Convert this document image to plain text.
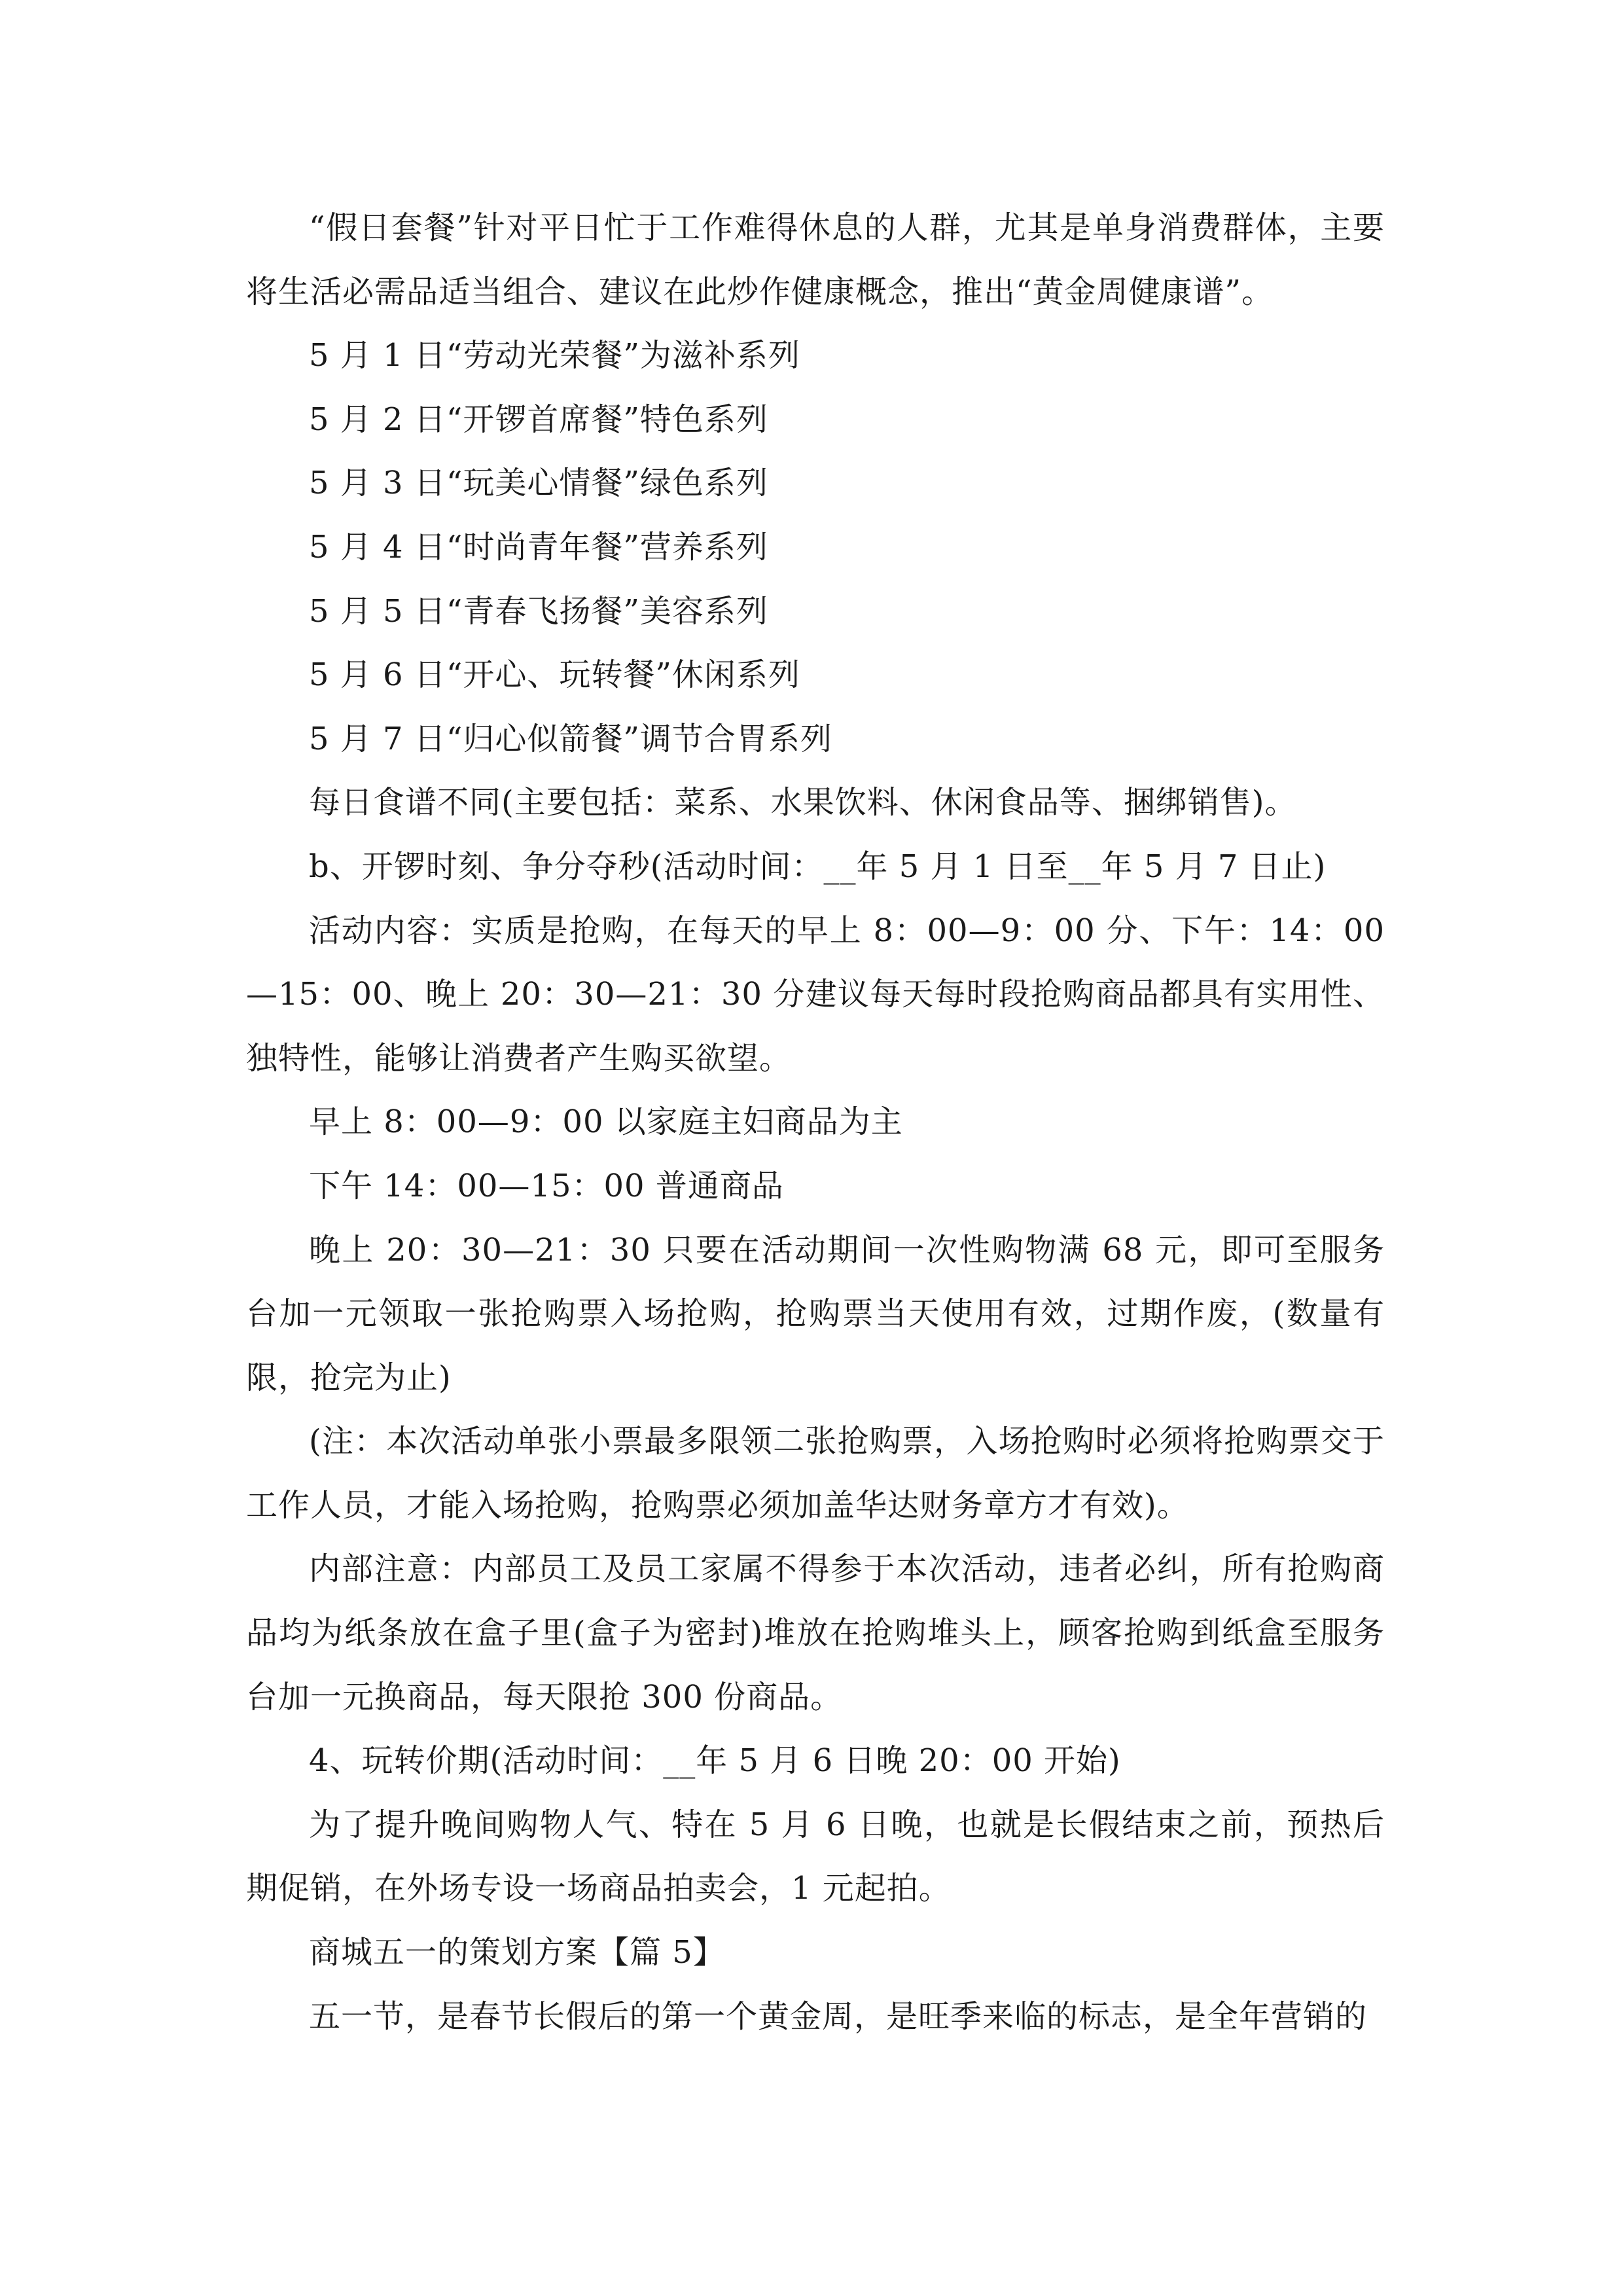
“假日套餐”针对平日忙于工作难得休息的人群，尤其是单身消费群体，主要将生活必需品适当组合、建议在此炒作健康概念，推出“黄金周健康谱”。

5 月 1 日“劳动光荣餐”为滋补系列

5 月 2 日“开锣首席餐”特色系列

5 月 3 日“玩美心情餐”绿色系列

5 月 4 日“时尚青年餐”营养系列

5 月 5 日“青春飞扬餐”美容系列

5 月 6 日“开心、玩转餐”休闲系列

5 月 7 日“归心似箭餐”调节合胃系列

每日食谱不同(主要包括：菜系、水果饮料、休闲食品等、捆绑销售)。

b、开锣时刻、争分夺秒(活动时间：__年 5 月 1 日至__年 5 月 7 日止)

活动内容：实质是抢购，在每天的早上 8：00—9：00 分、下午：14：00—15：00、晚上 20：30—21：30 分建议每天每时段抢购商品都具有实用性、独特性，能够让消费者产生购买欲望。

早上 8：00—9：00 以家庭主妇商品为主

下午 14：00—15：00 普通商品

晚上 20：30—21：30 只要在活动期间一次性购物满 68 元，即可至服务台加一元领取一张抢购票入场抢购，抢购票当天使用有效，过期作废，(数量有限，抢完为止)

(注：本次活动单张小票最多限领二张抢购票，入场抢购时必须将抢购票交于工作人员，才能入场抢购，抢购票必须加盖华达财务章方才有效)。

内部注意：内部员工及员工家属不得参于本次活动，违者必纠，所有抢购商品均为纸条放在盒子里(盒子为密封)堆放在抢购堆头上，顾客抢购到纸盒至服务台加一元换商品，每天限抢 300 份商品。

4、玩转价期(活动时间：__年 5 月 6 日晚 20：00 开始)

为了提升晚间购物人气、特在 5 月 6 日晚，也就是长假结束之前，预热后期促销，在外场专设一场商品拍卖会，1 元起拍。

商城五一的策划方案【篇 5】

五一节，是春节长假后的第一个黄金周，是旺季来临的标志，是全年营销的
